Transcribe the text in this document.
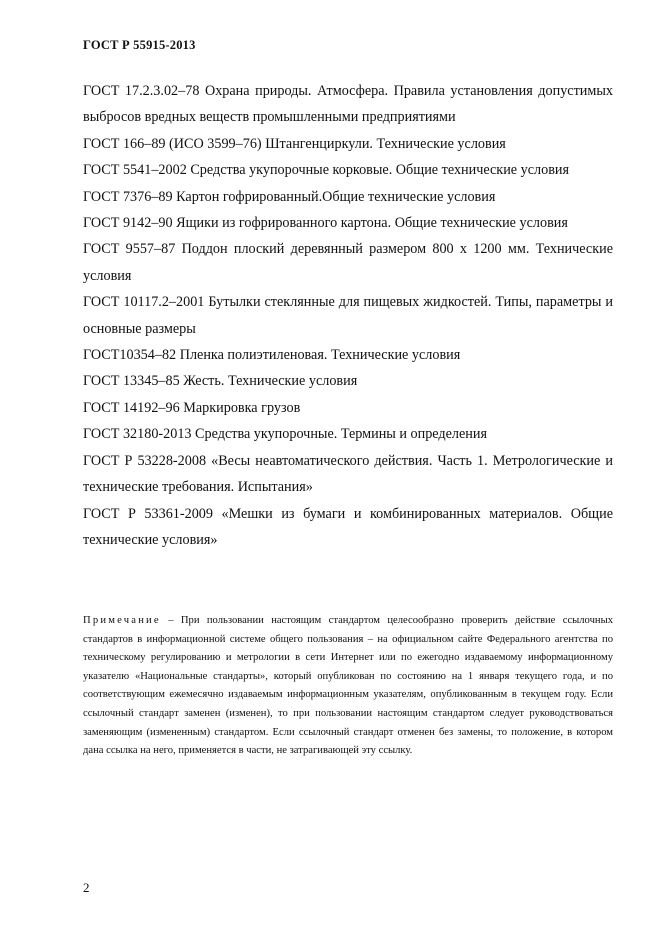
ГОСТ Р 55915-2013

ГОСТ 17.2.3.02–78 Охрана природы. Атмосфера. Правила установления допустимых выбросов вредных веществ промышленными предприятиями

ГОСТ 166–89 (ИСО 3599–76) Штангенциркули. Технические условия

ГОСТ 5541–2002 Средства укупорочные корковые. Общие технические условия

ГОСТ 7376–89 Картон гофрированный.Общие технические условия

ГОСТ 9142–90 Ящики из гофрированного картона. Общие технические условия

ГОСТ 9557–87 Поддон плоский деревянный размером 800 х 1200 мм. Технические условия

ГОСТ 10117.2–2001 Бутылки стеклянные для пищевых жидкостей. Типы, параметры и основные размеры

ГОСТ10354–82 Пленка полиэтиленовая. Технические условия

ГОСТ 13345–85 Жесть. Технические условия

ГОСТ 14192–96 Маркировка грузов

ГОСТ 32180-2013 Средства укупорочные. Термины и определения

ГОСТ Р 53228-2008 «Весы неавтоматического действия. Часть 1. Метрологические и технические требования. Испытания»

ГОСТ Р 53361-2009 «Мешки из бумаги и комбинированных материалов. Общие технические условия»

Примечание – При пользовании настоящим стандартом целесообразно проверить действие ссылочных стандартов в информационной системе общего пользования – на официальном сайте Федерального агентства по техническому регулированию и метрологии в сети Интернет или по ежегодно издаваемому информационному указателю «Национальные стандарты», который опубликован по состоянию на 1 января текущего года, и по соответствующим ежемесячно издаваемым информационным указателям, опубликованным в текущем году. Если ссылочный стандарт заменен (изменен), то при пользовании настоящим стандартом следует руководствоваться заменяющим (измененным) стандартом. Если ссылочный стандарт отменен без замены, то положение, в котором дана ссылка на него, применяется в части, не затрагивающей эту ссылку.
2
